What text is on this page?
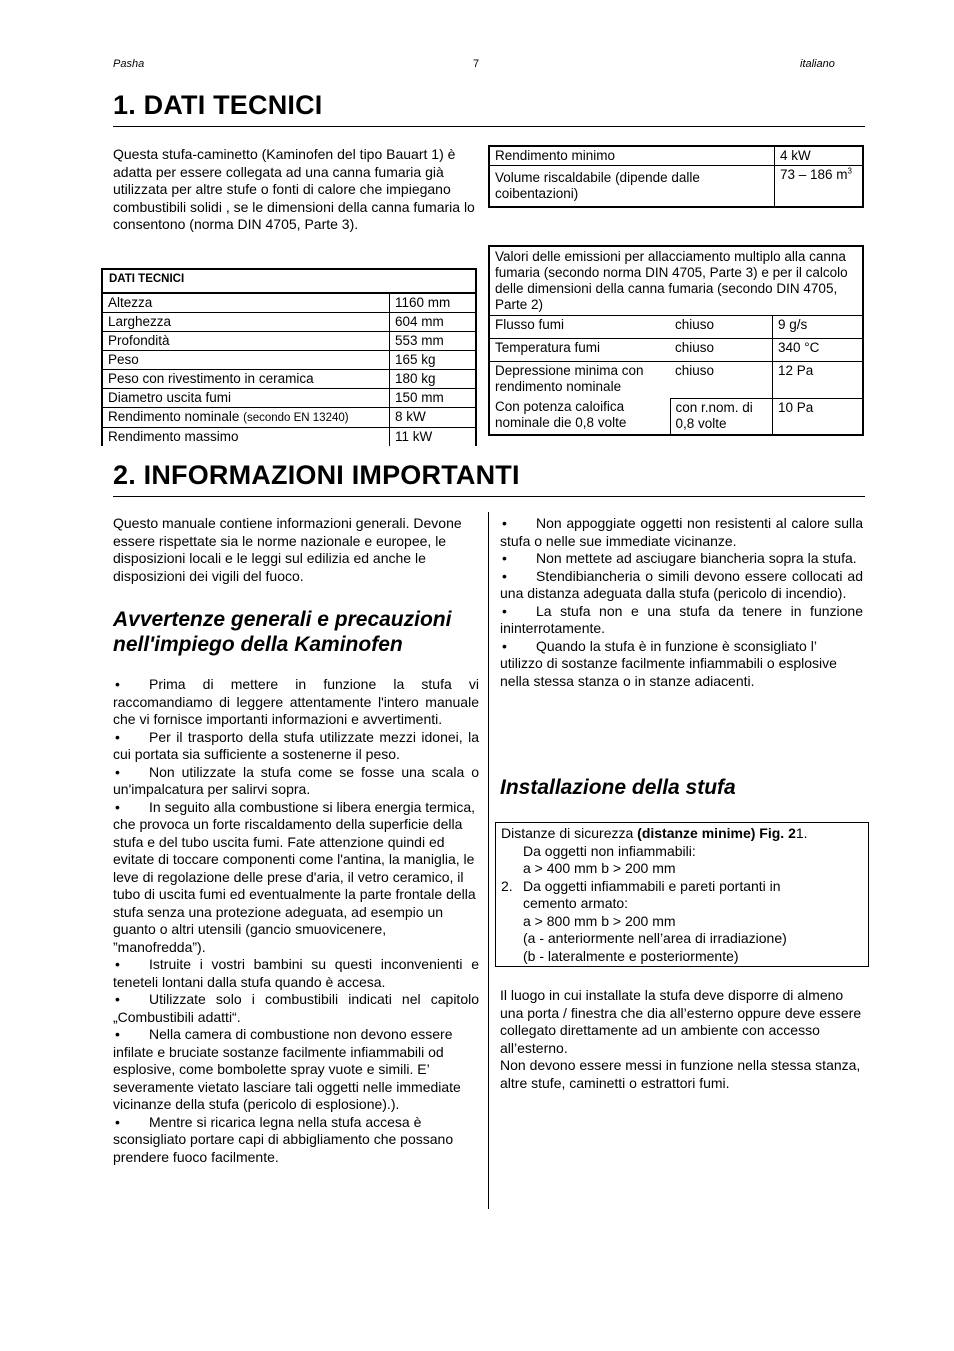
Pasha	7	italiano
1. DATI TECNICI
Questa stufa-caminetto (Kaminofen del tipo Bauart 1) è adatta per essere collegata ad una canna fumaria già utilizzata per altre stufe o fonti di calore che impiegano combustibili solidi , se le dimensioni della canna fumaria lo consentono (norma DIN 4705, Parte 3).
DATI TECNICI	
Altezza	1160 mm
Larghezza	604 mm
Profondità	553 mm
Peso	165 kg
Peso con rivestimento in ceramica	180 kg
Diametro uscita fumi	150 mm
Rendimento nominale (secondo EN 13240)	8 kW
Rendimento massimo	11 kW
Rendimento minimo	4 kW
Volume riscaldabile (dipende dalle coibentazioni)	73 – 186 $m^3$
Valori delle emissioni per allacciamento multiplo alla canna fumaria (secondo norma DIN 4705, Parte 3) e per il calcolo delle dimensioni della canna fumaria (secondo DIN 4705, Parte 2)		
Flusso fumi	chiuso	9 g/s
Temperatura fumi	chiuso	340 °C
Depressione minima con rendimento nominale	chiuso	12 Pa
Con potenza caloifica nominale die 0,8 volte	con r.nom. di 0,8 volte	10 Pa
2. INFORMAZIONI IMPORTANTI
Questo manuale contiene informazioni generali. Devone essere rispettate sia le norme nazionale e europee, le disposizioni locali e le leggi sul edilizia ed anche le disposizioni dei vigili del fuoco.
Avvertenze generali e precauzioni nell'impiego della Kaminofen
• Prima di mettere in funzione la stufa vi raccomandiamo di leggere attentamente l'intero manuale che vi fornisce importanti informazioni e avvertimenti.
• Per il trasporto della stufa utilizzate mezzi idonei, la cui portata sia sufficiente a sostenerne il peso.
• Non utilizzate la stufa come se fosse una scala o un'impalcatura per salirvi sopra.
• In seguito alla combustione si libera energia termica, che provoca un forte riscaldamento della superficie della stufa e del tubo uscita fumi. Fate attenzione quindi ed evitate di toccare componenti come l'antina, la maniglia, le leve di regolazione delle prese d'aria, il vetro ceramico, il tubo di uscita fumi ed eventualmente la parte frontale della stufa senza una protezione adeguata, ad esempio un guanto o altri utensili (gancio smuovicenere, ”manofredda”).
• Istruite i vostri bambini su questi inconvenienti e teneteli lontani dalla stufa quando è accesa.
• Utilizzate solo i combustibili indicati nel capitolo „Combustibili adatti“.
• Nella camera di combustione non devono essere infilate e bruciate sostanze facilmente infiammabili od esplosive, come bombolette spray vuote e simili. E’ severamente vietato lasciare tali oggetti nelle immediate vicinanze della stufa (pericolo di esplosione).).
• Mentre si ricarica legna nella stufa accesa è sconsigliato portare capi di abbigliamento che possano prendere fuoco facilmente.
• Non appoggiate oggetti non resistenti al calore sulla stufa o nelle sue immediate vicinanze.
• Non mettete ad asciugare biancheria sopra la stufa.
• Stendibiancheria o simili devono essere collocati ad una distanza adeguata dalla stufa (pericolo di incendio).
• La stufa non e una stufa da tenere in funzione ininterrotamente.
• Quando la stufa è in funzione è sconsigliato l’ utilizzo di sostanze facilmente infiammabili o esplosive nella stessa stanza o in stanze adiacenti.
Installazione della stufa
Distanze di sicurezza (distanze minime) Fig. 21.
Da oggetti non infiammabili:
a > 400 mm b > 200 mm
2. Da oggetti infiammabili e pareti portanti in
cemento armato:
a > 800 mm b > 200 mm
(a - anteriormente nell’area di irradiazione)
(b - lateralmente e posteriormente)
Il luogo in cui installate la stufa deve disporre di almeno una porta / finestra che dia all’esterno oppure deve essere collegato direttamente ad un ambiente con accesso all’esterno.
Non devono essere messi in funzione nella stessa stanza, altre stufe, caminetti o estrattori fumi.
